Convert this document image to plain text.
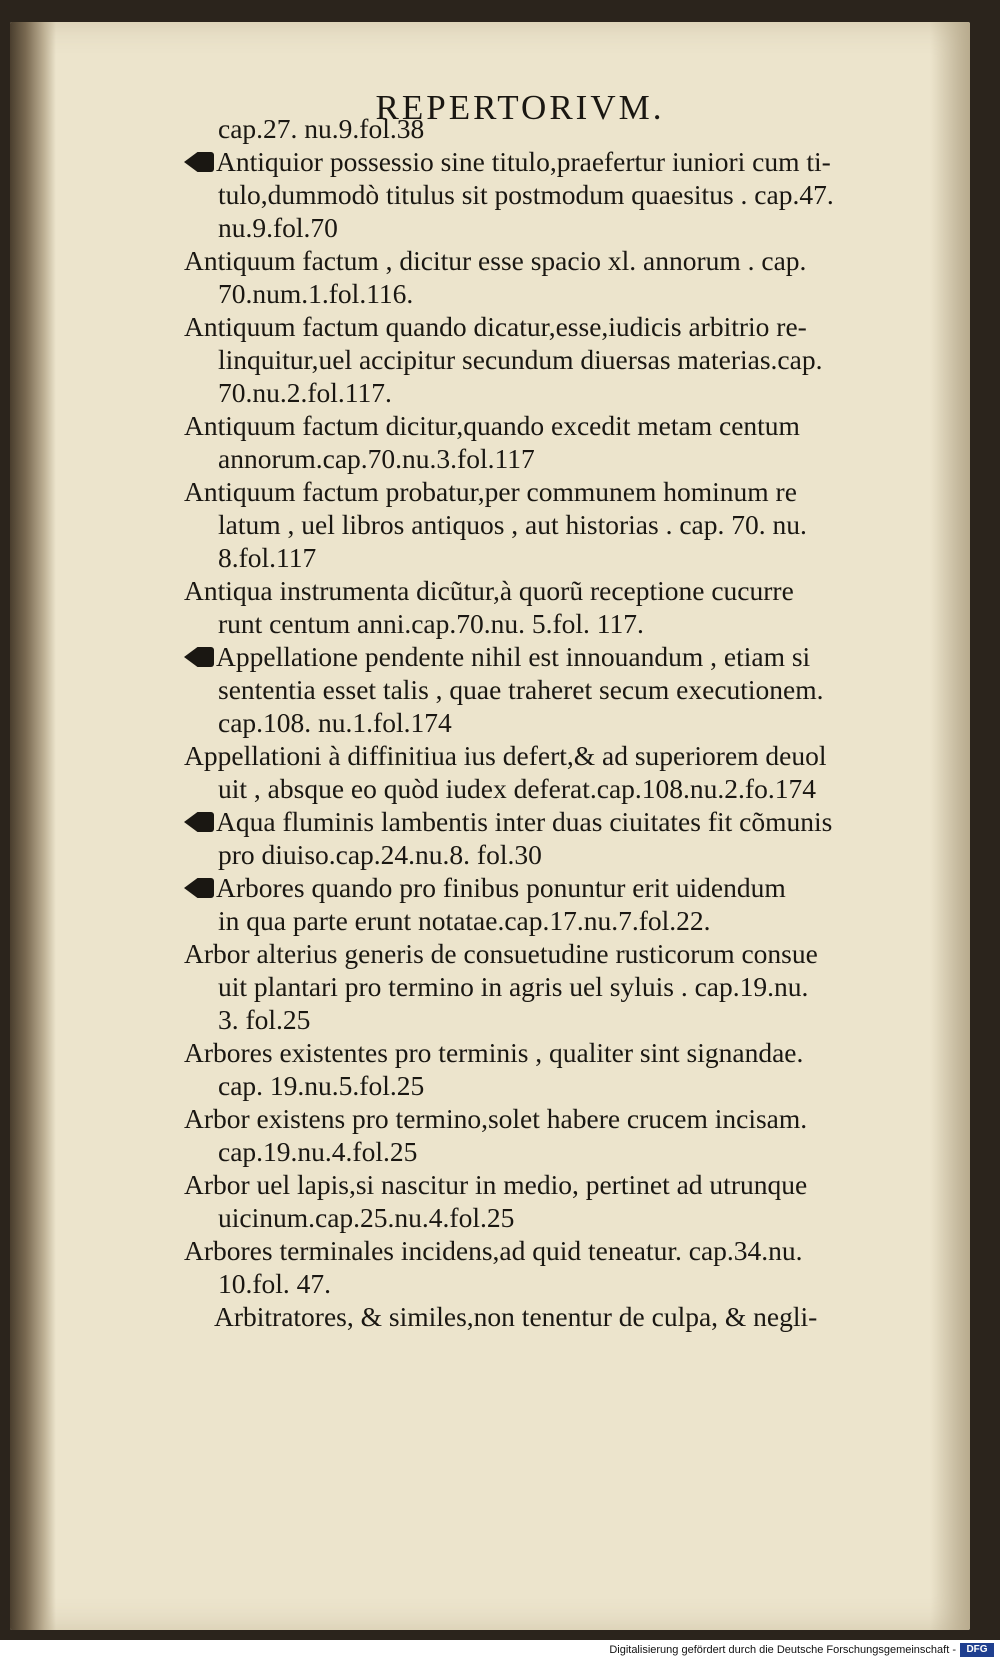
REPERTORIVM.
cap.27. nu.9.fol.38
Antiquior possessio sine titulo,praefertur iuniori cum ti-
tulo,dummodò titulus sit postmodum quaesitus . cap.47.
nu.9.fol.70
Antiquum factum , dicitur esse spacio xl. annorum . cap.
70.num.1.fol.116.
Antiquum factum quando dicatur,esse,iudicis arbitrio re-
linquitur,uel accipitur secundum diuersas materias.cap.
70.nu.2.fol.117.
Antiquum factum dicitur,quando excedit metam centum
annorum.cap.70.nu.3.fol.117
Antiquum factum probatur,per communem hominum re
latum , uel libros antiquos , aut historias . cap. 70. nu.
8.fol.117
Antiqua instrumenta dicũtur,à quorũ receptione cucurre
runt centum anni.cap.70.nu. 5.fol. 117.
Appellatione pendente nihil est innouandum , etiam si
sententia esset talis , quae traheret secum executionem.
cap.108. nu.1.fol.174
Appellationi à diffinitiua ius defert,& ad superiorem deuol
uit , absque eo quòd iudex deferat.cap.108.nu.2.fo.174
Aqua fluminis lambentis inter duas ciuitates fit cõmunis
pro diuiso.cap.24.nu.8. fol.30
Arbores quando pro finibus ponuntur erit uidendum
in qua parte erunt notatae.cap.17.nu.7.fol.22.
Arbor alterius generis de consuetudine rusticorum consue
uit plantari pro termino in agris uel syluis . cap.19.nu.
3. fol.25
Arbores existentes pro terminis , qualiter sint signandae.
cap. 19.nu.5.fol.25
Arbor existens pro termino,solet habere crucem incisam.
cap.19.nu.4.fol.25
Arbor uel lapis,si nascitur in medio, pertinet ad utrunque
uicinum.cap.25.nu.4.fol.25
Arbores terminales incidens,ad quid teneatur. cap.34.nu.
10.fol. 47.
Arbitratores, & similes,non tenentur de culpa, & negli-
Digitalisierung gefördert durch die Deutsche Forschungsgemeinschaft -	DFG
